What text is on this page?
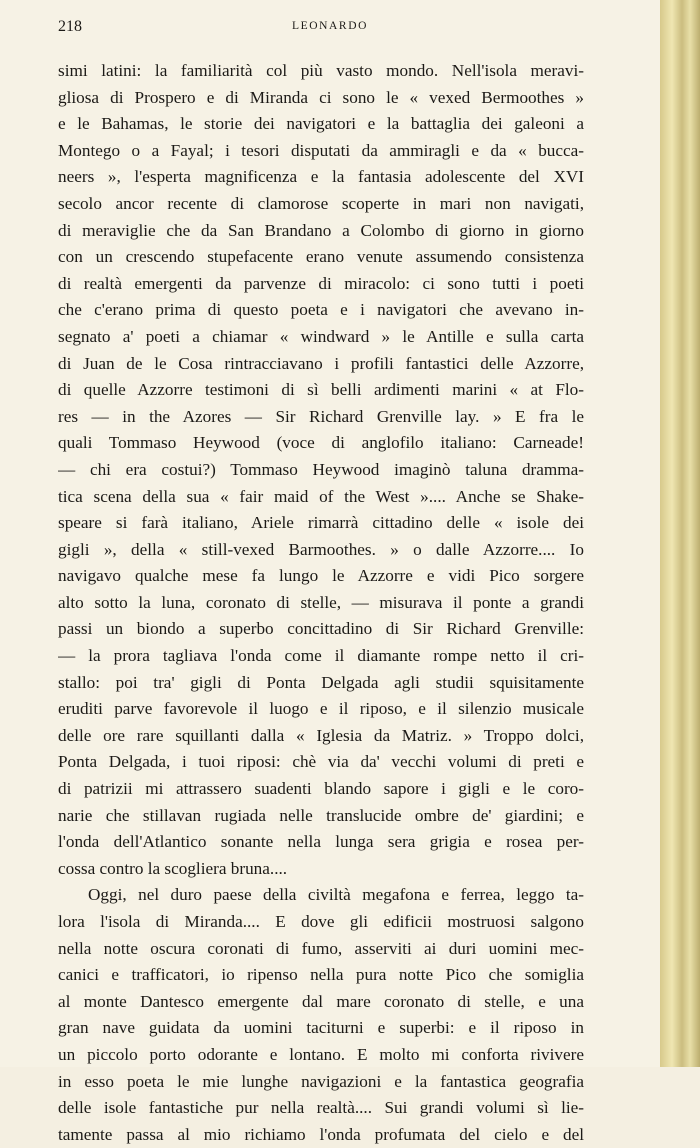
218	LEONARDO
simi latini: la familiarità col più vasto mondo. Nell'isola meravi-
gliosa di Prospero e di Miranda ci sono le « vexed Bermoothes »
e le Bahamas, le storie dei navigatori e la battaglia dei galeoni a
Montego o a Fayal; i tesori disputati da ammiragli e da « bucca-
neers », l'esperta magnificenza e la fantasia adolescente del XVI
secolo ancor recente di clamorose scoperte in mari non navigati,
di meraviglie che da San Brandano a Colombo di giorno in giorno
con un crescendo stupefacente erano venute assumendo consistenza
di realtà emergenti da parvenze di miracolo: ci sono tutti i poeti
che c'erano prima di questo poeta e i navigatori che avevano in-
segnato a' poeti a chiamar « windward » le Antille e sulla carta
di Juan de le Cosa rintracciavano i profili fantastici delle Azzorre,
di quelle Azzorre testimoni di sì belli ardimenti marini « at Flo-
res — in the Azores — Sir Richard Grenville lay. » E fra le
quali Tommaso Heywood (voce di anglofilo italiano: Carneade!
— chi era costui?) Tommaso Heywood imaginò taluna dramma-
tica scena della sua « fair maid of the West ».... Anche se Shake-
speare si farà italiano, Ariele rimarrà cittadino delle « isole dei
gigli », della « still-vexed Barmoothes. » o dalle Azzorre.... Io
navigavo qualche mese fa lungo le Azzorre e vidi Pico sorgere
alto sotto la luna, coronato di stelle, — misurava il ponte a grandi
passi un biondo a superbo concittadino di Sir Richard Grenville:
— la prora tagliava l'onda come il diamante rompe netto il cri-
stallo: poi tra' gigli di Ponta Delgada agli studii squisitamente
eruditi parve favorevole il luogo e il riposo, e il silenzio musicale
delle ore rare squillanti dalla « Iglesia da Matriz. » Troppo dolci,
Ponta Delgada, i tuoi riposi: chè via da' vecchi volumi di preti e
di patrizii mi attrassero suadenti blando sapore i gigli e le coro-
narie che stillavan rugiada nelle translucide ombre de' giardini; e
l'onda dell'Atlantico sonante nella lunga sera grigia e rosea per-
cossa contro la scogliera bruna....
Oggi, nel duro paese della civiltà megafona e ferrea, leggo ta-
lora l'isola di Miranda.... E dove gli edificii mostruosi salgono
nella notte oscura coronati di fumo, asserviti ai duri uomini mec-
canici e trafficatori, io ripenso nella pura notte Pico che somiglia
al monte Dantesco emergente dal mare coronato di stelle, e una
gran nave guidata da uomini taciturni e superbi: e il riposo in
un piccolo porto odorante e lontano. E molto mi conforta rivivere
in esso poeta le mie lunghe navigazioni e la fantastica geografia
delle isole fantastiche pur nella realtà.... Sui grandi volumi sì lie-
tamente passa al mio richiamo l'onda profumata del cielo e del
